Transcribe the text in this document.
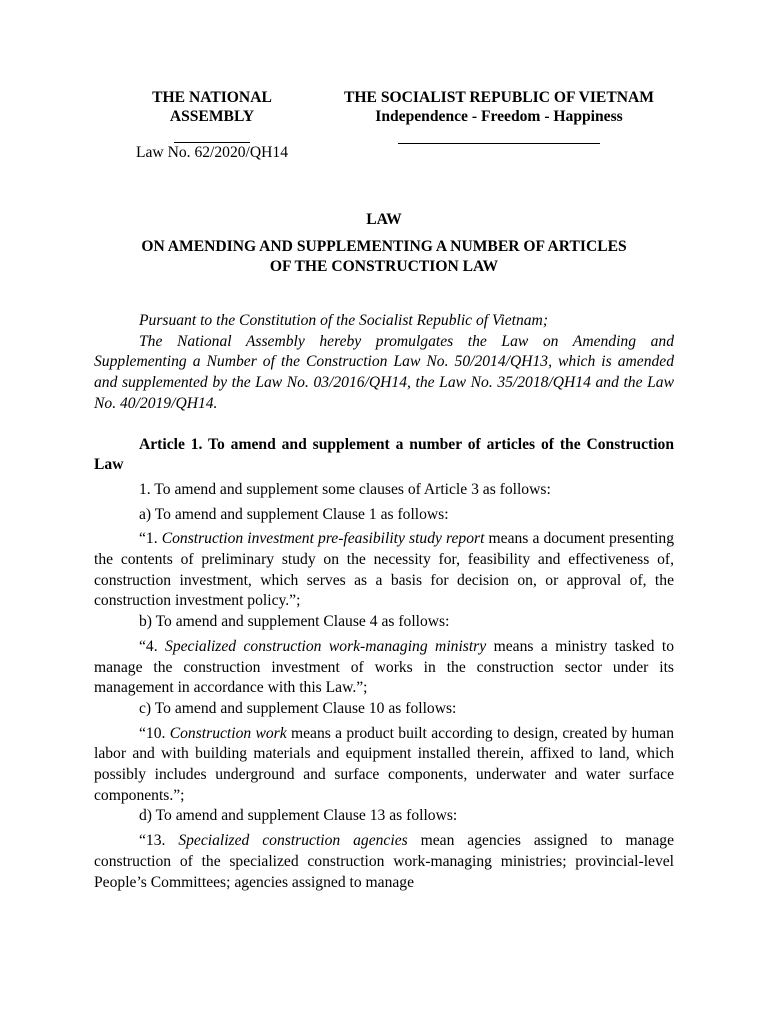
THE NATIONAL
ASSEMBLY
Law No. 62/2020/QH14
THE SOCIALIST REPUBLIC OF VIETNAM
Independence - Freedom - Happiness
LAW
ON AMENDING AND SUPPLEMENTING A NUMBER OF ARTICLES
OF THE CONSTRUCTION LAW

Pursuant to the Constitution of the Socialist Republic of Vietnam;

The National Assembly hereby promulgates the Law on Amending and Supplementing a Number of the Construction Law No. 50/2014/QH13, which is amended and supplemented by the Law No. 03/2016/QH14, the Law No. 35/2018/QH14 and the Law No. 40/2019/QH14.

Article 1. To amend and supplement a number of articles of the Construction Law

1. To amend and supplement some clauses of Article 3 as follows:

a) To amend and supplement Clause 1 as follows:

“1. Construction investment pre-feasibility study report means a document presenting the contents of preliminary study on the necessity for, feasibility and effectiveness of, construction investment, which serves as a basis for decision on, or approval of, the construction investment policy.”;

b) To amend and supplement Clause 4 as follows:

“4. Specialized construction work-managing ministry means a ministry tasked to manage the construction investment of works in the construction sector under its management in accordance with this Law.”;

c) To amend and supplement Clause 10 as follows:

“10. Construction work means a product built according to design, created by human labor and with building materials and equipment installed therein, affixed to land, which possibly includes underground and surface components, underwater and water surface components.”;

d) To amend and supplement Clause 13 as follows:

“13. Specialized construction agencies mean agencies assigned to manage construction of the specialized construction work-managing ministries; provincial-level People’s Committees; agencies assigned to manage
